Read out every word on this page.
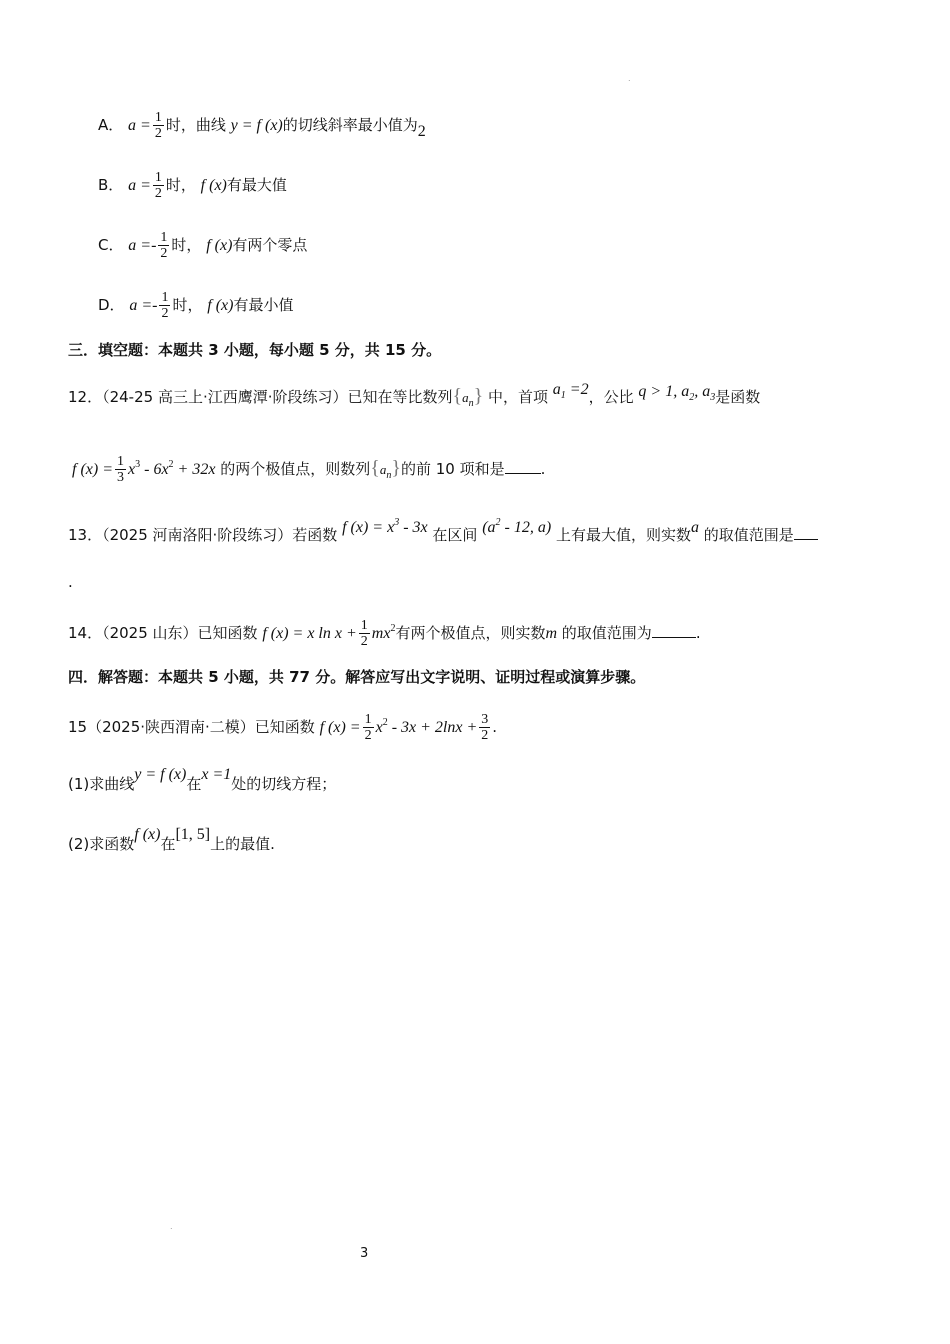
.
A． $a = \frac{1}{2}$ 时，曲线 y = f (x)的切线斜率最小值为2
B． $a = \frac{1}{2}$ 时， f (x)有最大值
C． $a =- \frac{1}{2}$ 时， f (x)有两个零点
D． $a =- \frac{1}{2}$ 时， f (x)有最小值
三．填空题：本题共 3 小题，每小题 5 分，共 15 分。
12．（24-25 高三上·江西鹰潭·阶段练习）已知在等比数列$\{a_n\}$ 中，首项 $a_1 =2$，公比 q > 1, $a_2$, $a_3$是函数
f $(x) = \frac{1}{3} x^3 - 6x^2 + 32x$ 的两个极值点，则数列$\{a_n\}$的前 10 项和是 .
13．（2025 河南洛阳·阶段练习）若函数 f $(x) = x^3 - 3x$ 在区间 ($a^2 - 12$, a) 上有最大值，则实数a 的取值范围是
.
14．（2025 山东）已知函数 f (x) = x $\ln x + \frac{1}{2} mx^2$有两个极值点，则实数m 的取值范围为	.
四．解答题：本题共 5 小题，共 77 分。解答应写出文字说明、证明过程或演算步骤。
15（2025·陕西渭南·二模）已知函数 f $(x) = \frac{1}{2} x^2 - 3x + 2\ln x + \frac{3}{2}$ .
(1)求曲线y = f (x)在x =1处的切线方程；
(2)求函数f (x)在[1, 5]上的最值.
.
3
